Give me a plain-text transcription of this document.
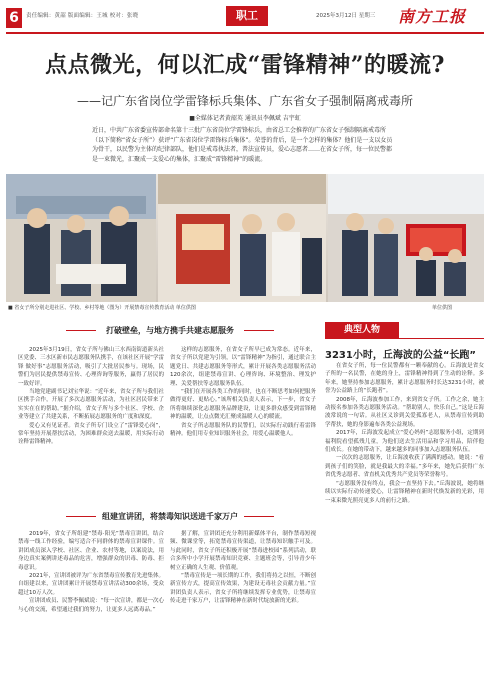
6	责任编辑：黄韶 版面编辑：王城 校对：张晓	职工	2025年3月12日 星期三 南方工报
点点微光，何以汇成“雷锋精神”的暖流?
——记广东省岗位学雷锋标兵集体、广东省女子强制隔离戒毒所
■全媒体记者黄韶英 通讯员李佩斌 吉宇虹
近日，中共广东省委宣传部命名第十三批广东省岗位学雷锋标兵，由省总工会推荐的广东省女子强制隔离戒毒所（以下简称“省女子所”）获评“广东省岗位学雷锋标兵集体”。荣誉的背后，是一个怎样的集体？他们是一支以女员为骨干，以民警为主体的纪律部队，他们是戒毒执法者，普法宣传员，爱心志愿者……在省女子所，每一位民警都是一束微光，汇聚成一支爱心的集体，汇聚成“雷锋精神”的暖流。
■ 省女子所分别走进社区、学校、乡村等地（图为）开展禁毒宣传教育活动 单位供图	单位供图
打破壁垒，与地方携手共建志愿服务

2025年3月19日，省女子所与佛山三水西南街道新头社区党委、三水区新市民志愿服务队携手，在该社区开展“学雷锋 做好事”志愿服务活动，吸引了大批居民参与。现场，民警们为居民提供禁毒宣传、心理咨询等服务，赢得了居民的一致好评。

当地党建副书记刘宝华说：“近年来，省女子所与我们社区携手合作，开展了多次志愿服务活动，为社区居民带来了实实在在的帮助。”据介绍，省女子所与多个社区、学校、企业等建立了共建关系，不断拓展志愿服务的广度和深度。

爱心又有见证者。省女子所专门设立了“雷锋爱心岗”，常年坚持开展帮扶活动，为困难群众送去温暖，用实际行动诠释雷锋精神。

这样的志愿服务，在省女子所早已成为常态。近年来，省女子所以党建为引领，以“雷锋精神”为指引，通过联合主题党日、共建志愿服务等形式，累计开展各类志愿服务活动120余次，组建禁毒宣讲、心理咨询、环境整治、理发护理、关爱帮扶等志愿服务队伍。

“我们在开展各类工作的同时，也在不断思考如何把服务做得更好、更贴心。”该所相关负责人表示，下一步，省女子所将继续深化志愿服务品牌建设，让更多群众感受到雷锋精神的温暖，让点点微光汇聚成温暖人心的暖流。

省女子所志愿服务队的民警们，以实际行动践行着雷锋精神。他们用专业知识服务社会，用爱心温暖他人。

组建宣讲团，将禁毒知识送进千家万户

2019年，省女子所组建“禁毒·阳光”禁毒宣讲团，结合禁毒一线工作经验，编写适合不同群体的禁毒宣讲课件。宣讲团成员深入学校、社区、企业、农村等地，以案说法，用身边真实案例讲述毒品的危害，增强群众的识毒、防毒、拒毒意识。

2021年，宣讲团被评为广东省禁毒宣传教育先进集体。自组建以来，宣讲团累计开展禁毒宣讲活动300余场，受众超过10万人次。

宣讲团成员、民警李佩斌说：“每一次宣讲，都是一次心与心的交流，希望通过我们的努力，让更多人远离毒品。”

据了解，宣讲团还充分利用新媒体平台，制作禁毒短视频、微课堂等，拓宽禁毒宣传渠道，让禁毒知识触手可及。与此同时，省女子所还积极开展“禁毒进校园”系列活动，联合多所中小学开展禁毒知识竞赛、主题班会等，引导青少年树立正确的人生观、价值观。

“禁毒宣传是一项长期的工作，我们将持之以恒，不断创新宣传方式，提高宣传效果，为建设无毒社会贡献力量。”宣讲团负责人表示，省女子所将继续发挥专业优势，让禁毒宣传走进千家万户，让雷锋精神在新时代绽放新的光彩。

典型人物
3231小时，丘海波的公益“长跑”

在省女子所，每一位民警都有一颗奉献的心。丘海波是省女子所的一名民警，在她的身上，雷锋精神得到了生动的诠释。多年来，她坚持参加志愿服务，累计志愿服务时长达3231小时，被誉为公益路上的“长跑者”。

2008年，丘海波参加工作，来到省女子所。工作之余，她主动报名参加各类志愿服务活动。“帮助别人，快乐自己。”这是丘海波常说的一句话。从社区义诊到关爱孤寡老人，从禁毒宣传到助学帮扶，她的身影遍布各类公益现场。

2017年，丘海波发起成立“爱心妈妈”志愿服务小组，定期到福利院看望孤残儿童，为他们送去生活用品和学习用品，陪伴他们成长。在她的带动下，越来越多的同事加入志愿服务队伍。

一次次的志愿服务，让丘海波收获了满满的感动。她说：“看到孩子们的笑脸，就是我最大的幸福。”多年来，她先后获得广东省优秀志愿者、省直机关优秀共产党员等荣誉称号。

“志愿服务没有终点，我会一直坚持下去。”丘海波说，她将继续以实际行动传递爱心，让雷锋精神在新时代焕发新的光彩，用一束束微光照亮更多人的前行之路。
